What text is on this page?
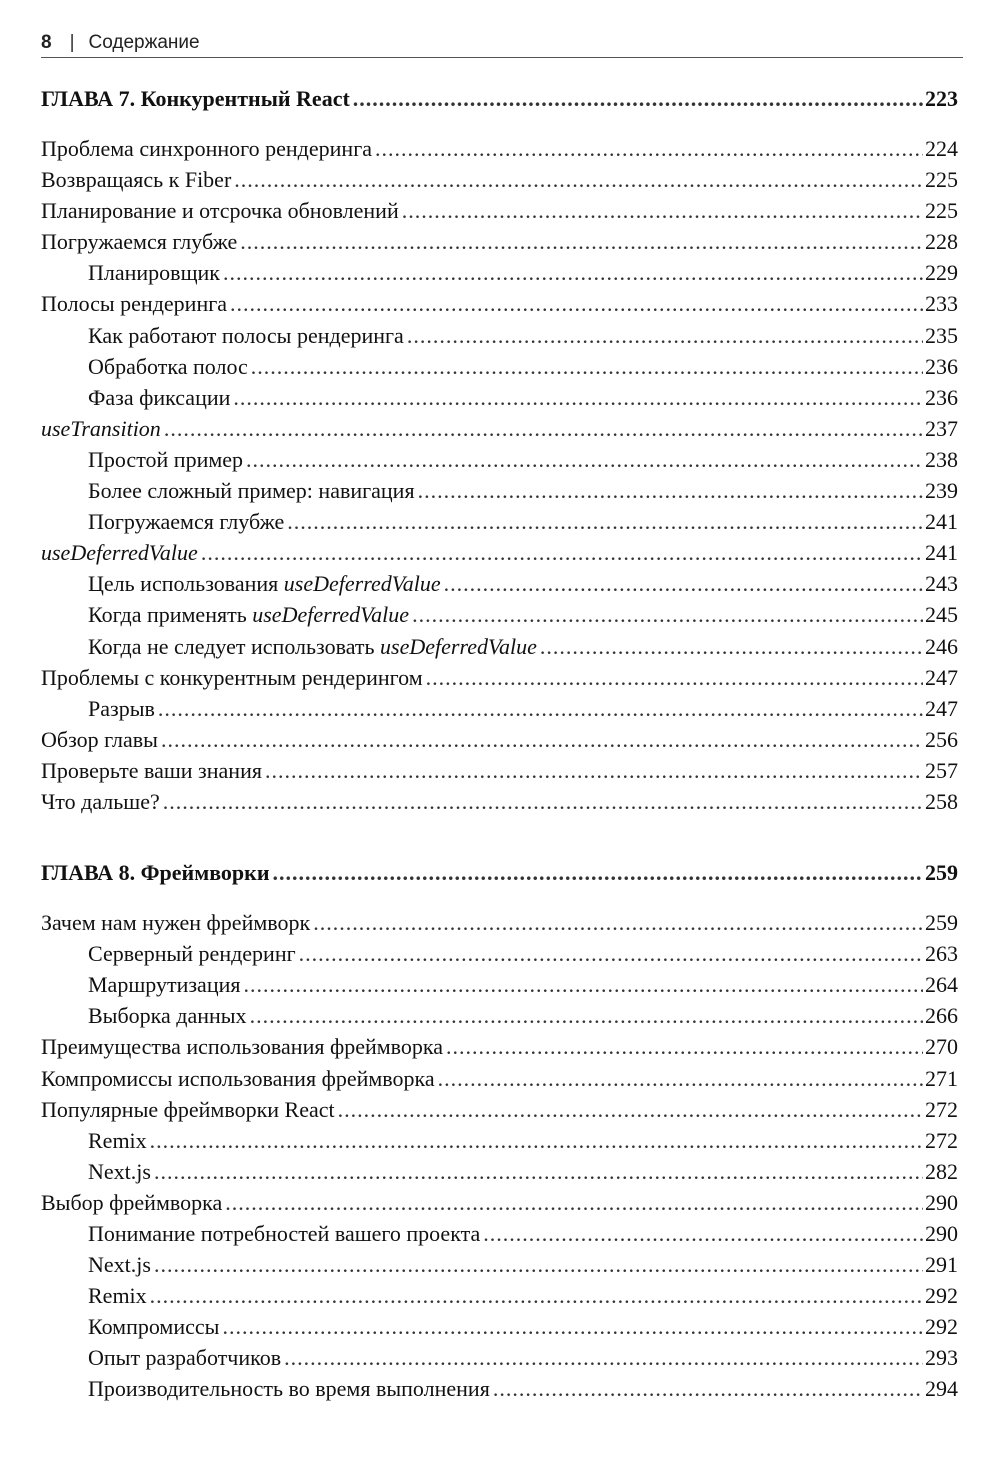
8 | Содержание
ГЛАВА 7. Конкурентный React .....	223
Проблема синхронного рендеринга .....	224
Возвращаясь к Fiber .....	225
Планирование и отсрочка обновлений .....	225
Погружаемся глубже .....	228
Планировщик .....	229
Полосы рендеринга .....	233
Как работают полосы рендеринга .....	235
Обработка полос .....	236
Фаза фиксации .....	236
useTransition .....	237
Простой пример .....	238
Более сложный пример: навигация .....	239
Погружаемся глубже .....	241
useDeferredValue .....	241
Цель использования useDeferredValue .....	243
Когда применять useDeferredValue .....	245
Когда не следует использовать useDeferredValue .....	246
Проблемы с конкурентным рендерингом .....	247
Разрыв .....	247
Обзор главы .....	256
Проверьте ваши знания .....	257
Что дальше? .....	258
ГЛАВА 8. Фреймворки .....	259
Зачем нам нужен фреймворк .....	259
Серверный рендеринг .....	263
Маршрутизация .....	264
Выборка данных .....	266
Преимущества использования фреймворка .....	270
Компромиссы использования фреймворка .....	271
Популярные фреймворки React .....	272
Remix .....	272
Next.js .....	282
Выбор фреймворка .....	290
Понимание потребностей вашего проекта .....	290
Next.js .....	291
Remix .....	292
Компромиссы .....	292
Опыт разработчиков .....	293
Производительность во время выполнения .....	294
